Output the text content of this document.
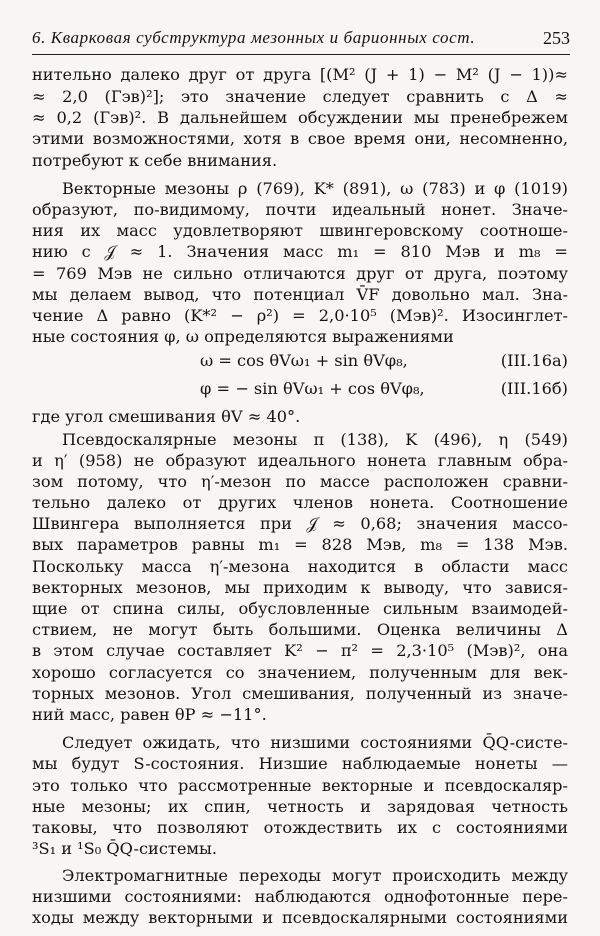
6. Кварковая субструктура мезонных и барионных сост.	253
нительно далеко друг от друга [(M² (J + 1) − M² (J − 1))≈
≈ 2,0 (Гэв)²]; это значение следует сравнить с Δ ≈
≈ 0,2 (Гэв)². В дальнейшем обсуждении мы пренебрежем
этими возможностями, хотя в свое время они, несомненно,
потребуют к себе внимания.
Векторные мезоны ρ (769), K* (891), ω (783) и φ (1019)
образуют, по-видимому, почти идеальный нонет. Значе-
ния их масс удовлетворяют швингеровскому соотноше-
нию с 𝒥 ≈ 1. Значения масс m₁ = 810 Мэв и m₈ =
= 769 Мэв не сильно отличаются друг от друга, поэтому
мы делаем вывод, что потенциал V̄F довольно мал. Зна-
чение Δ равно (K*² − ρ²) = 2,0·10⁵ (Мэв)². Изосинглет-
ные состояния φ, ω определяются выражениями
ω = cos θVω₁ + sin θVφ₈,	(III.16a)
φ = − sin θVω₁ + cos θVφ₈,	(III.16б)
где угол смешивания θV ≈ 40°.
Псевдоскалярные мезоны π (138), K (496), η (549)
и η′ (958) не образуют идеального нонета главным обра-
зом потому, что η′-мезон по массе расположен сравни-
тельно далеко от других членов нонета. Соотношение
Швингера выполняется при 𝒥 ≈ 0,68; значения массо-
вых параметров равны m₁ = 828 Мэв, m₈ = 138 Мэв.
Поскольку масса η′-мезона находится в области масс
векторных мезонов, мы приходим к выводу, что завися-
щие от спина силы, обусловленные сильным взаимодей-
ствием, не могут быть большими. Оценка величины Δ
в этом случае составляет K² − π² = 2,3·10⁵ (Мэв)², она
хорошо согласуется со значением, полученным для век-
торных мезонов. Угол смешивания, полученный из значе-
ний масс, равен θP ≈ −11°.
Следует ожидать, что низшими состояниями Q̄Q-систе-
мы будут S-состояния. Низшие наблюдаемые нонеты —
это только что рассмотренные векторные и псевдоскаляр-
ные мезоны; их спин, четность и зарядовая четность
таковы, что позволяют отождествить их с состояниями
³S₁ и ¹S₀ Q̄Q-системы.
Электромагнитные переходы могут происходить между
низшими состояниями: наблюдаются однофотонные пере-
ходы между векторными и псевдоскалярными состояниями
